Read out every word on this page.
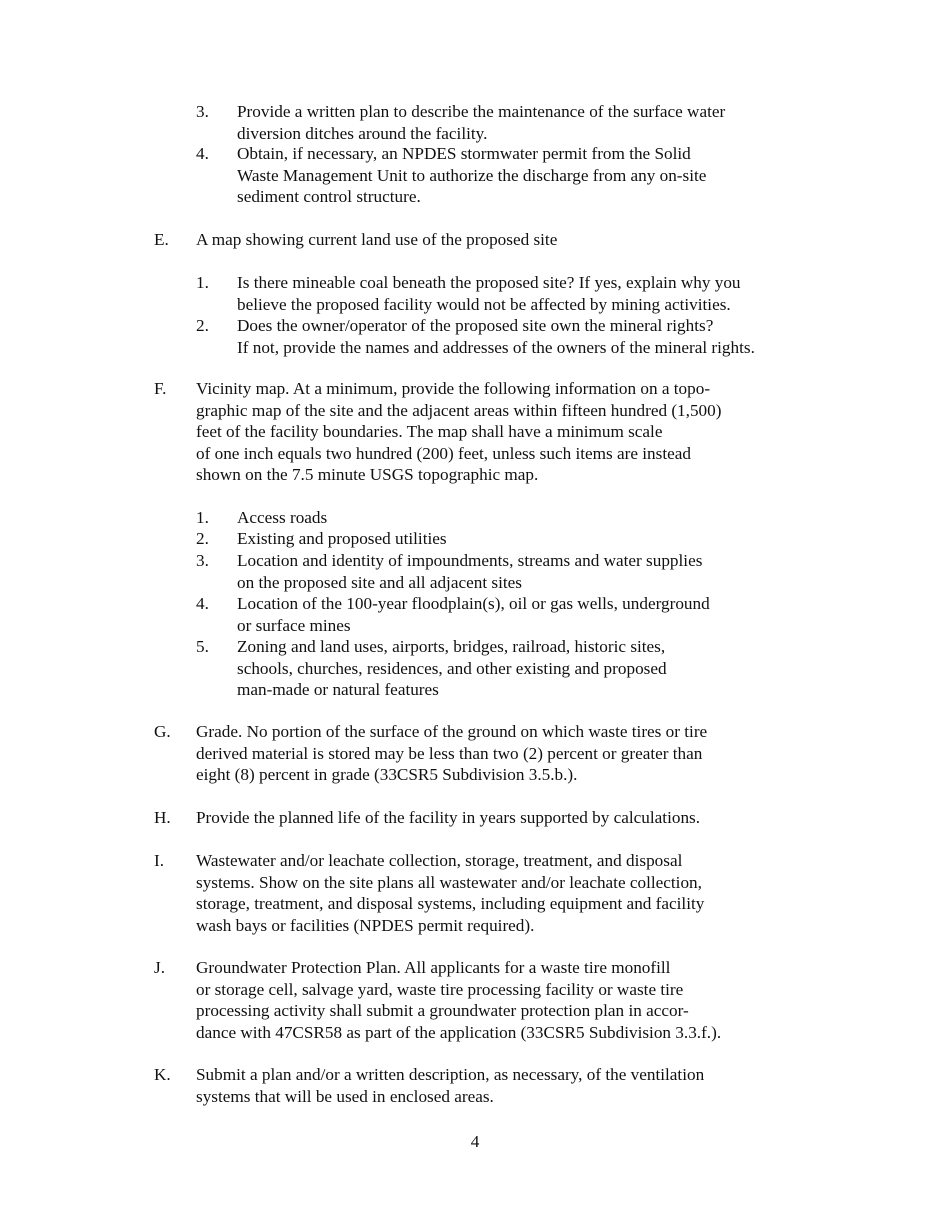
3. Provide a written plan to describe the maintenance of the surface water
diversion ditches around the facility.
4. Obtain, if necessary, an NPDES stormwater permit from the Solid
Waste Management Unit to authorize the discharge from any on-site
sediment control structure.
E. A map showing current land use of the proposed site
1. Is there mineable coal beneath the proposed site? If yes, explain why you
believe the proposed facility would not be affected by mining activities.
2. Does the owner/operator of the proposed site own the mineral rights?
If not, provide the names and addresses of the owners of the mineral rights.
F. Vicinity map. At a minimum, provide the following information on a topo-
graphic map of the site and the adjacent areas within fifteen hundred (1,500)
feet of the facility boundaries. The map shall have a minimum scale
of one inch equals two hundred (200) feet, unless such items are instead
shown on the 7.5 minute USGS topographic map.
1. Access roads
2. Existing and proposed utilities
3. Location and identity of impoundments, streams and water supplies
on the proposed site and all adjacent sites
4. Location of the 100-year floodplain(s), oil or gas wells, underground
or surface mines
5. Zoning and land uses, airports, bridges, railroad, historic sites,
schools, churches, residences, and other existing and proposed
man-made or natural features
G. Grade. No portion of the surface of the ground on which waste tires or tire
derived material is stored may be less than two (2) percent or greater than
eight (8) percent in grade (33CSR5 Subdivision 3.5.b.).
H. Provide the planned life of the facility in years supported by calculations.
I. Wastewater and/or leachate collection, storage, treatment, and disposal
systems. Show on the site plans all wastewater and/or leachate collection,
storage, treatment, and disposal systems, including equipment and facility
wash bays or facilities (NPDES permit required).
J. Groundwater Protection Plan. All applicants for a waste tire monofill
or storage cell, salvage yard, waste tire processing facility or waste tire
processing activity shall submit a groundwater protection plan in accor-
dance with 47CSR58 as part of the application (33CSR5 Subdivision 3.3.f.).
K. Submit a plan and/or a written description, as necessary, of the ventilation
systems that will be used in enclosed areas.
4
